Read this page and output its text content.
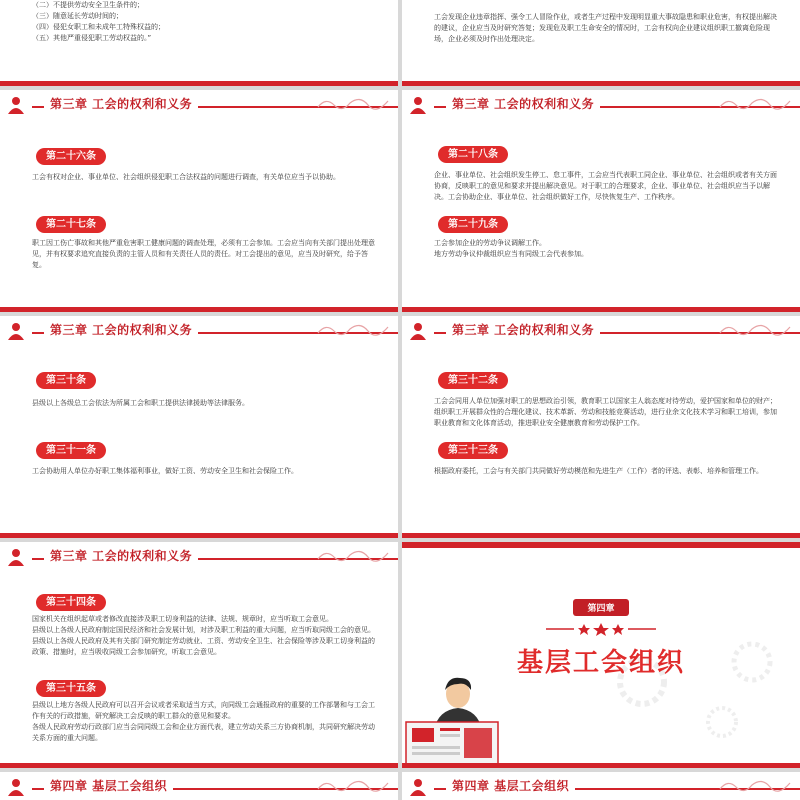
（二）不提供劳动安全卫生条件的；
（三）随意延长劳动时间的；
（四）侵犯女职工和未成年工特殊权益的；
（五）其他严重侵犯职工劳动权益的。”

工会发现企业违章指挥、强令工人冒险作业，或者生产过程中发现明显重大事故隐患和职业危害，有权提出解决的建议，企业应当及时研究答复；发现危及职工生命安全的情况时，工会有权向企业建议组织职工撤离危险现场，企业必须及时作出处理决定。

第三章 工会的权利和义务
第二十六条

工会有权对企业、事业单位、社会组织侵犯职工合法权益的问题进行调查，有关单位应当予以协助。

第二十七条

职工因工伤亡事故和其他严重危害职工健康问题的调查处理，必须有工会参加。工会应当向有关部门提出处理意见，并有权要求追究直接负责的主管人员和有关责任人员的责任。对工会提出的意见，应当及时研究，给予答复。

第三章 工会的权利和义务
第二十八条

企业、事业单位、社会组织发生停工、怠工事件，工会应当代表职工同企业、事业单位、社会组织或者有关方面协商，反映职工的意见和要求并提出解决意见。对于职工的合理要求，企业、事业单位、社会组织应当予以解决。工会协助企业、事业单位、社会组织做好工作，尽快恢复生产、工作秩序。

第二十九条

工会参加企业的劳动争议调解工作。
地方劳动争议仲裁组织应当有同级工会代表参加。

第三章 工会的权利和义务
第三十条

县级以上各级总工会依法为所属工会和职工提供法律援助等法律服务。

第三十一条

工会协助用人单位办好职工集体福利事业，做好工资、劳动安全卫生和社会保险工作。

第三章 工会的权利和义务
第三十二条

工会会同用人单位加强对职工的思想政治引领，教育职工以国家主人翁态度对待劳动，爱护国家和单位的财产；组织职工开展群众性的合理化建议、技术革新、劳动和技能竞赛活动，进行业余文化技术学习和职工培训，参加职业教育和文化体育活动，推进职业安全健康教育和劳动保护工作。

第三十三条

根据政府委托，工会与有关部门共同做好劳动模范和先进生产（工作）者的评选、表彰、培养和管理工作。

第三章 工会的权利和义务
第三十四条

国家机关在组织起草或者修改直接涉及职工切身利益的法律、法规、规章时，应当听取工会意见。
县级以上各级人民政府制定国民经济和社会发展计划，对涉及职工利益的重大问题，应当听取同级工会的意见。
县级以上各级人民政府及其有关部门研究制定劳动就业、工资、劳动安全卫生、社会保险等涉及职工切身利益的政策、措施时，应当吸收同级工会参加研究，听取工会意见。

第三十五条

县级以上地方各级人民政府可以召开会议或者采取适当方式，向同级工会通报政府的重要的工作部署和与工会工作有关的行政措施，研究解决工会反映的职工群众的意见和要求。
各级人民政府劳动行政部门应当会同同级工会和企业方面代表，建立劳动关系三方协商机制，共同研究解决劳动关系方面的重大问题。

第四章
基层工会组织
第四章 基层工会组织	第四章 基层工会组织
